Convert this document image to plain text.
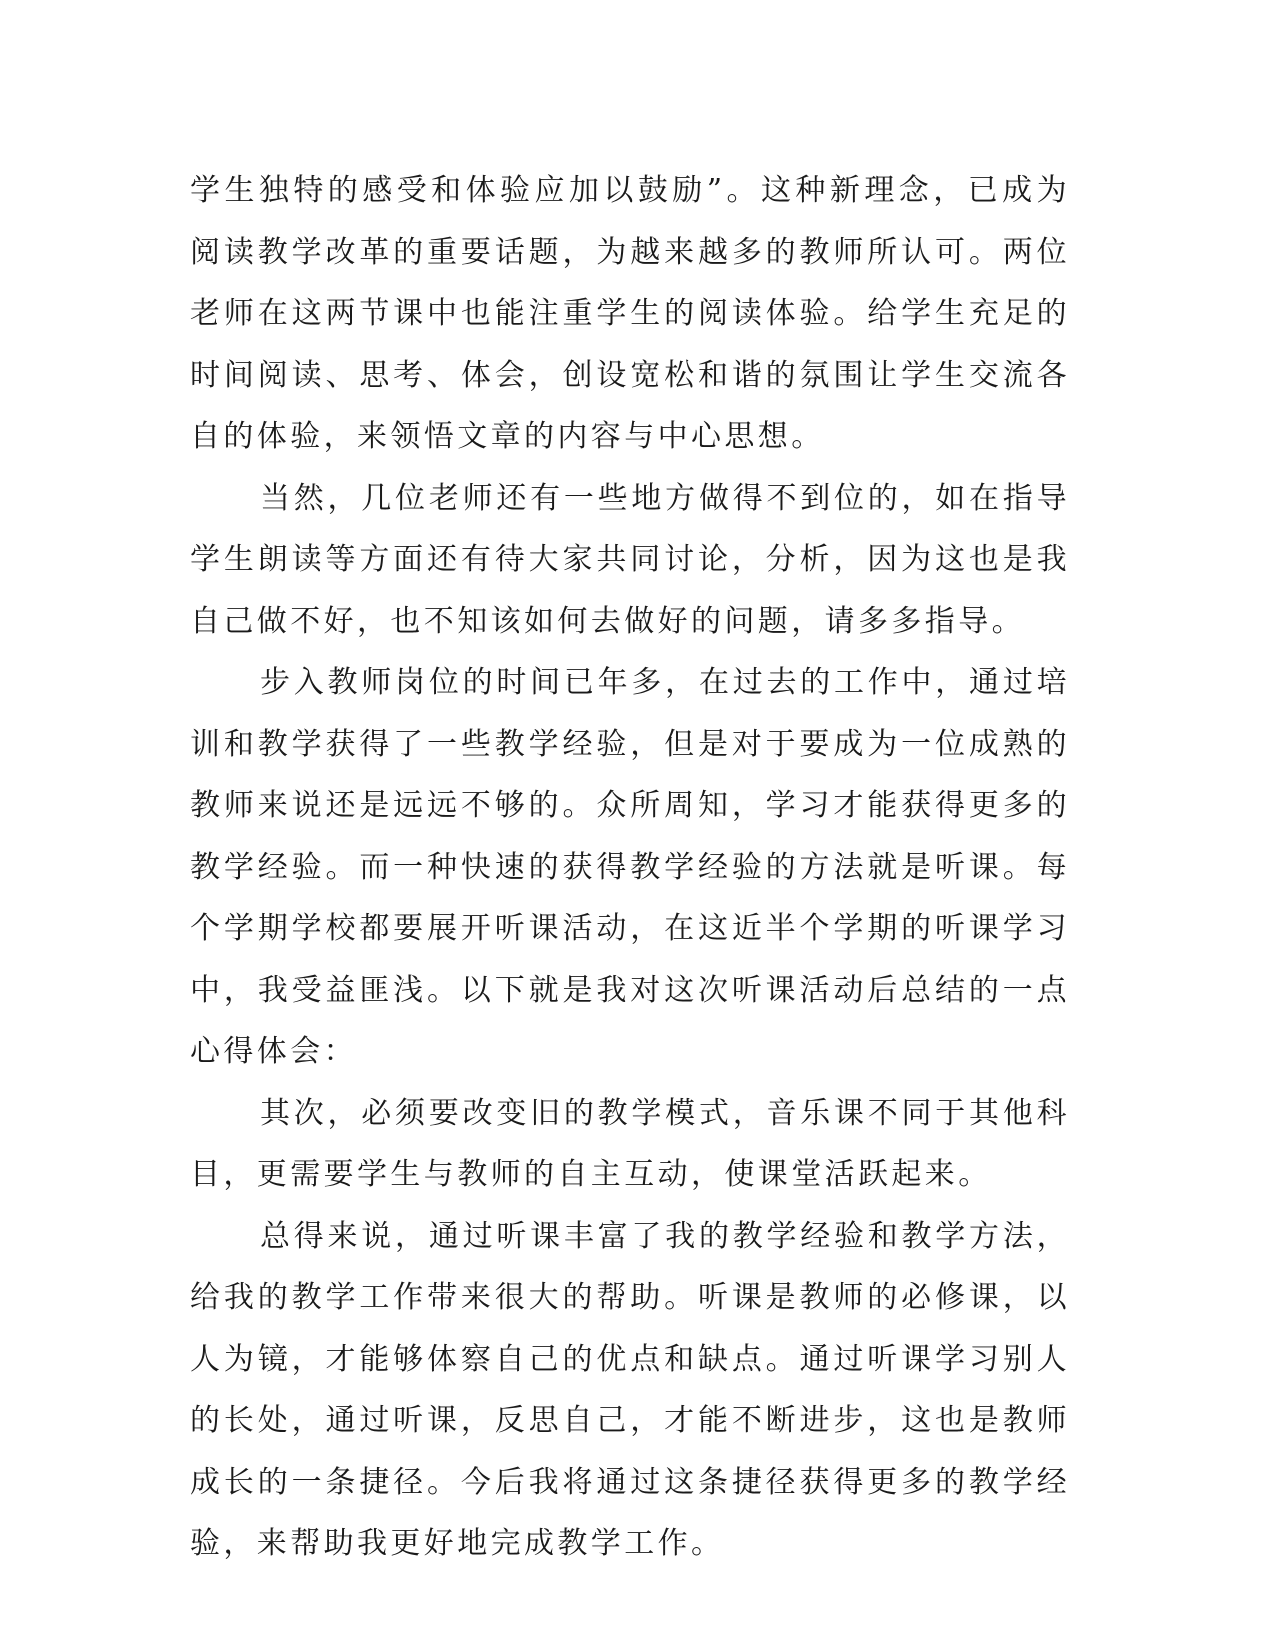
学生独特的感受和体验应加以鼓励”。这种新理念，已成为阅读教学改革的重要话题，为越来越多的教师所认可。两位老师在这两节课中也能注重学生的阅读体验。给学生充足的时间阅读、思考、体会，创设宽松和谐的氛围让学生交流各自的体验，来领悟文章的内容与中心思想。

当然，几位老师还有一些地方做得不到位的，如在指导学生朗读等方面还有待大家共同讨论，分析，因为这也是我自己做不好，也不知该如何去做好的问题，请多多指导。

步入教师岗位的时间已年多，在过去的工作中，通过培训和教学获得了一些教学经验，但是对于要成为一位成熟的教师来说还是远远不够的。众所周知，学习才能获得更多的教学经验。而一种快速的获得教学经验的方法就是听课。每个学期学校都要展开听课活动，在这近半个学期的听课学习中，我受益匪浅。以下就是我对这次听课活动后总结的一点心得体会：

其次，必须要改变旧的教学模式，音乐课不同于其他科目，更需要学生与教师的自主互动，使课堂活跃起来。

总得来说，通过听课丰富了我的教学经验和教学方法，给我的教学工作带来很大的帮助。听课是教师的必修课，以人为镜，才能够体察自己的优点和缺点。通过听课学习别人的长处，通过听课，反思自己，才能不断进步，这也是教师成长的一条捷径。今后我将通过这条捷径获得更多的教学经验，来帮助我更好地完成教学工作。
